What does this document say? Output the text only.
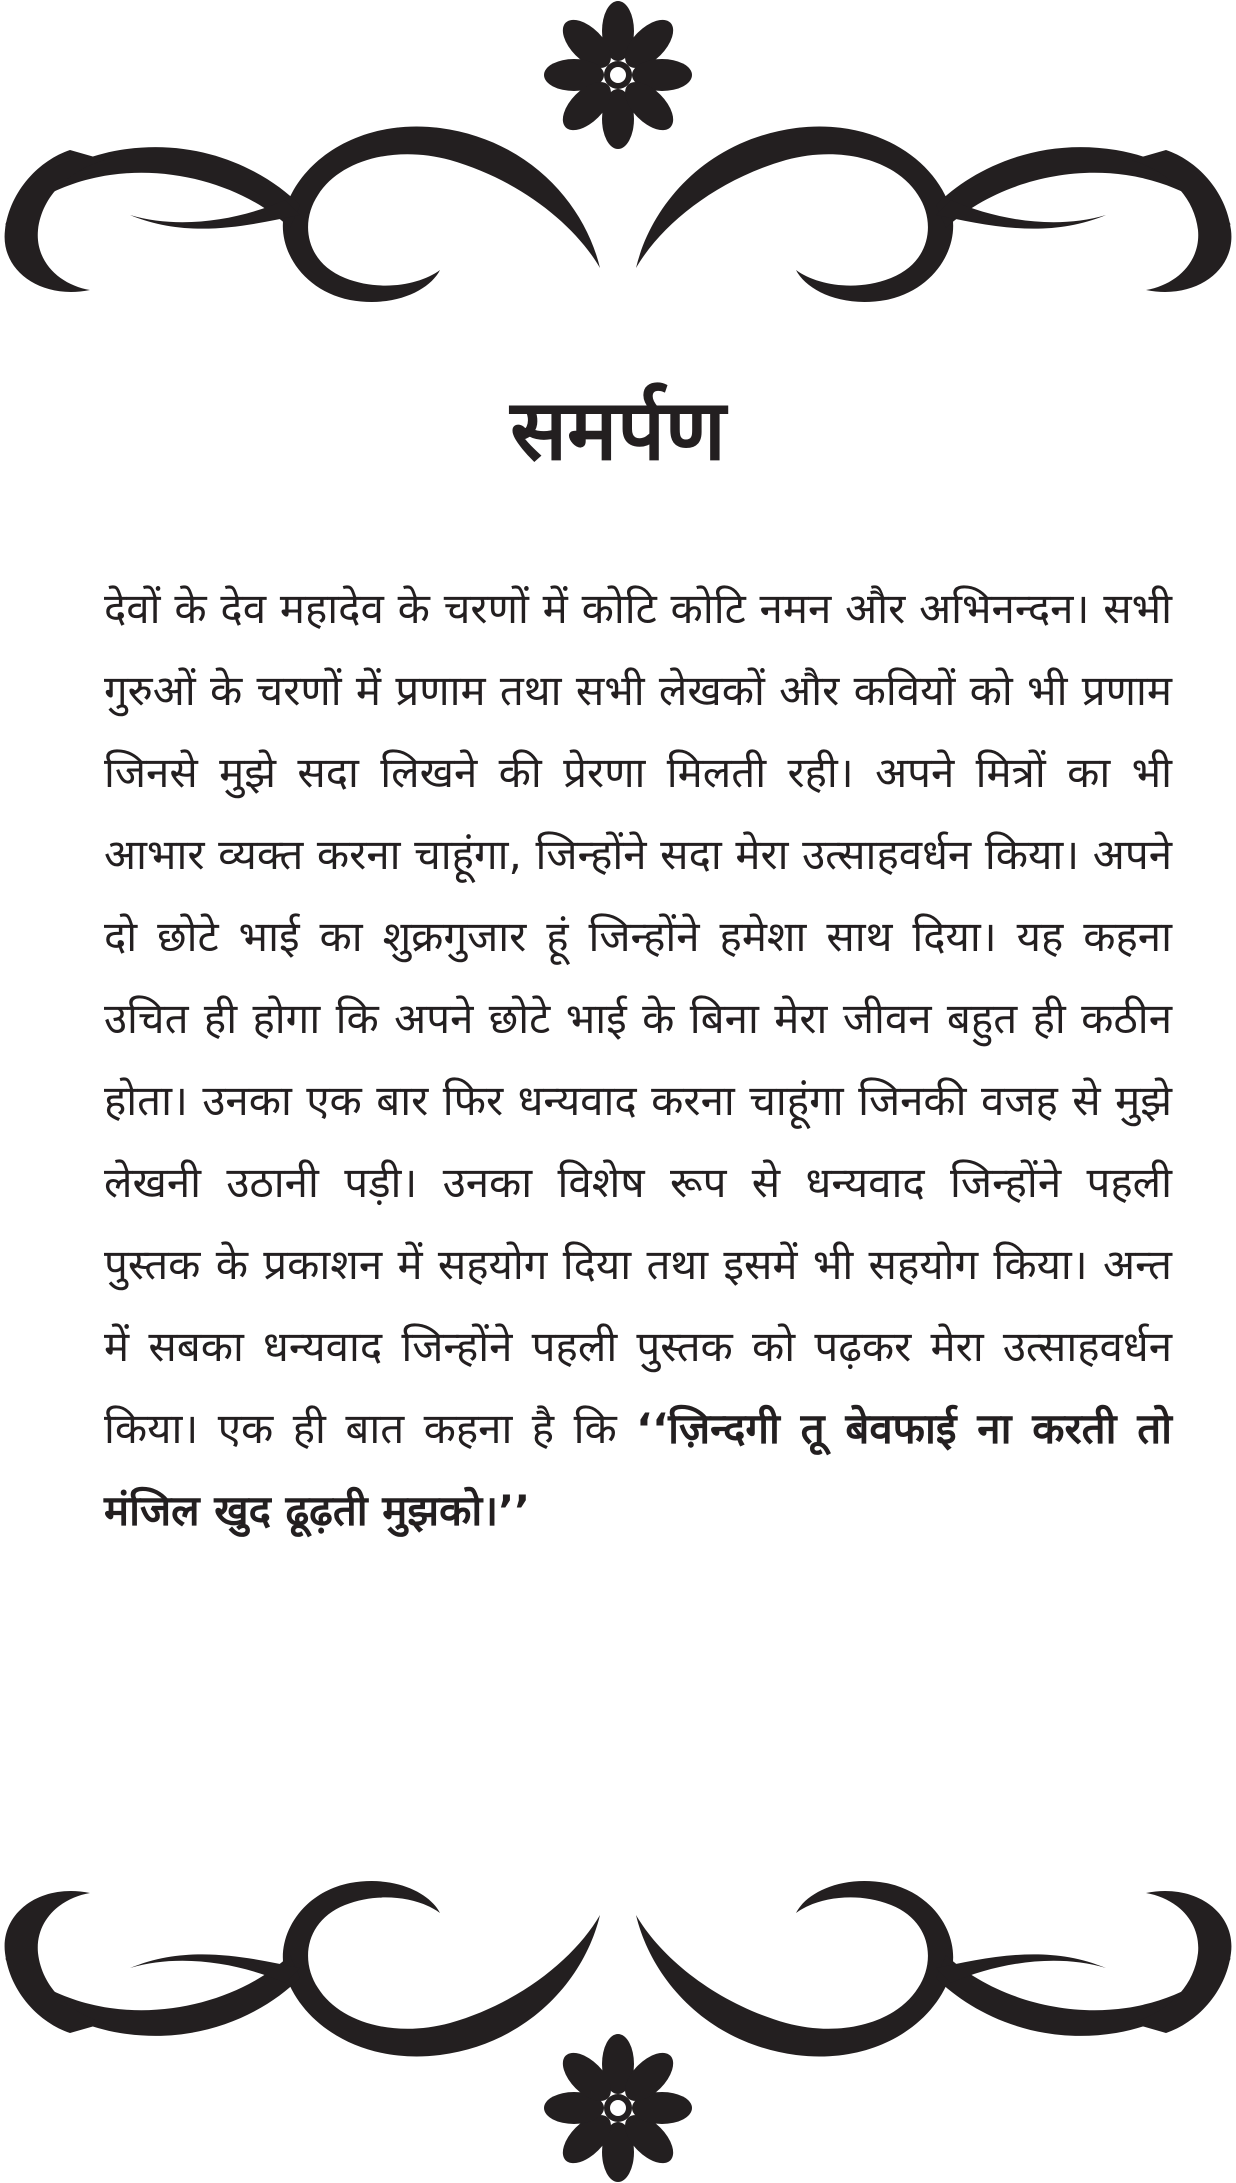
समर्पण

देवों के देव महादेव के चरणों में कोटि कोटि नमन और अभिनन्दन। सभी गुरुओं के चरणों में प्रणाम तथा सभी लेखकों और कवियों को भी प्रणाम जिनसे मुझे सदा लिखने की प्रेरणा मिलती रही। अपने मित्रों का भी आभार व्यक्त करना चाहूंगा, जिन्होंने सदा मेरा उत्साहवर्धन किया। अपने दो छोटे भाई का शुक्रगुजार हूं जिन्होंने हमेशा साथ दिया। यह कहना उचित ही होगा कि अपने छोटे भाई के बिना मेरा जीवन बहुत ही कठीन होता। उनका एक बार फिर धन्यवाद करना चाहूंगा जिनकी वजह से मुझे लेखनी उठानी पड़ी। उनका विशेष रूप से धन्यवाद जिन्होंने पहली पुस्तक के प्रकाशन में सहयोग दिया तथा इसमें भी सहयोग किया। अन्त में सबका धन्यवाद जिन्होंने पहली पुस्तक को पढ़कर मेरा उत्साहवर्धन किया। एक ही बात कहना है कि ‘‘ज़िन्दगी तू बेवफाई ना करती तो मंजिल खुद ढूढ़ती मुझको।’’
